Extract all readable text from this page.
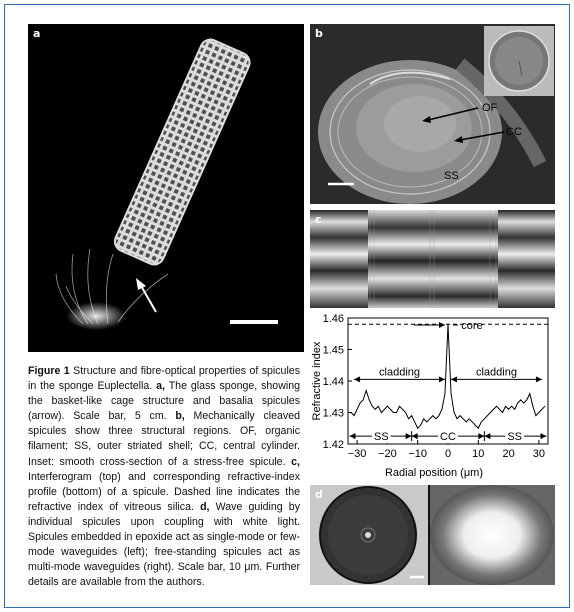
a	b
OF
CC
SS
c
1.42
1.43
1.44
1.45
1.46
−30 −20 −10 0 10 20 30
core
cladding	cladding
SS	CC	SS
Radial position (μm)
Refractive index
d
Figure 1 Structure and fibre-optical properties of spicules in the sponge Euplectella. a, The glass sponge, showing the basket-like cage structure and basalia spicules (arrow). Scale bar, 5 cm. b, Mechanically cleaved spicules show three structural regions. OF, organic filament; SS, outer striated shell; CC, central cylinder. Inset: smooth cross-section of a stress-free spicule. c, Interferogram (top) and corresponding refractive-index profile (bottom) of a spicule. Dashed line indicates the refractive index of vitreous silica. d, Wave guiding by individual spicules upon coupling with white light. Spicules embedded in epoxide act as single-mode or few-mode waveguides (left); free-standing spicules act as multi-mode waveguides (right). Scale bar, 10 μm. Further details are available from the authors.
